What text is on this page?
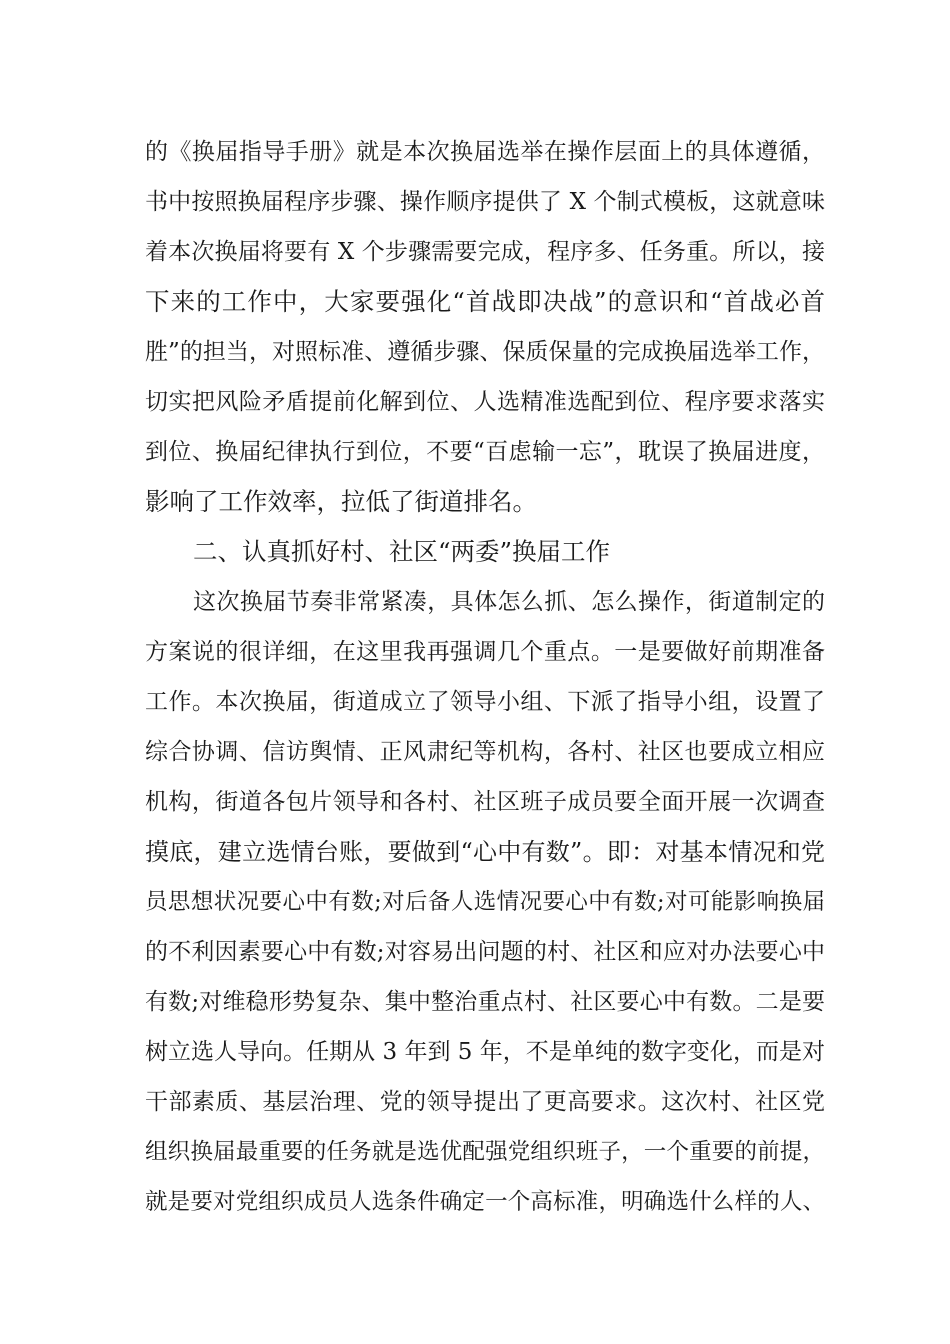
的《换届指导手册》就是本次换届选举在操作层面上的具体遵循，
书中按照换届程序步骤、操作顺序提供了 X 个制式模板，这就意味
着本次换届将要有 X 个步骤需要完成，程序多、任务重。所以，接
下来的工作中，大家要强化“首战即决战”的意识和“首战必首
胜”的担当，对照标准、遵循步骤、保质保量的完成换届选举工作，
切实把风险矛盾提前化解到位、人选精准选配到位、程序要求落实
到位、换届纪律执行到位，不要“百虑输一忘”，耽误了换届进度，
影响了工作效率，拉低了街道排名。
二、认真抓好村、社区“两委”换届工作
这次换届节奏非常紧凑，具体怎么抓、怎么操作，街道制定的
方案说的很详细，在这里我再强调几个重点。一是要做好前期准备
工作。本次换届，街道成立了领导小组、下派了指导小组，设置了
综合协调、信访舆情、正风肃纪等机构，各村、社区也要成立相应
机构，街道各包片领导和各村、社区班子成员要全面开展一次调查
摸底，建立选情台账，要做到“心中有数”。即：对基本情况和党
员思想状况要心中有数;对后备人选情况要心中有数;对可能影响换届
的不利因素要心中有数;对容易出问题的村、社区和应对办法要心中
有数;对维稳形势复杂、集中整治重点村、社区要心中有数。二是要
树立选人导向。任期从 3 年到 5 年，不是单纯的数字变化，而是对
干部素质、基层治理、党的领导提出了更高要求。这次村、社区党
组织换届最重要的任务就是选优配强党组织班子，一个重要的前提，
就是要对党组织成员人选条件确定一个高标准，明确选什么样的人、
